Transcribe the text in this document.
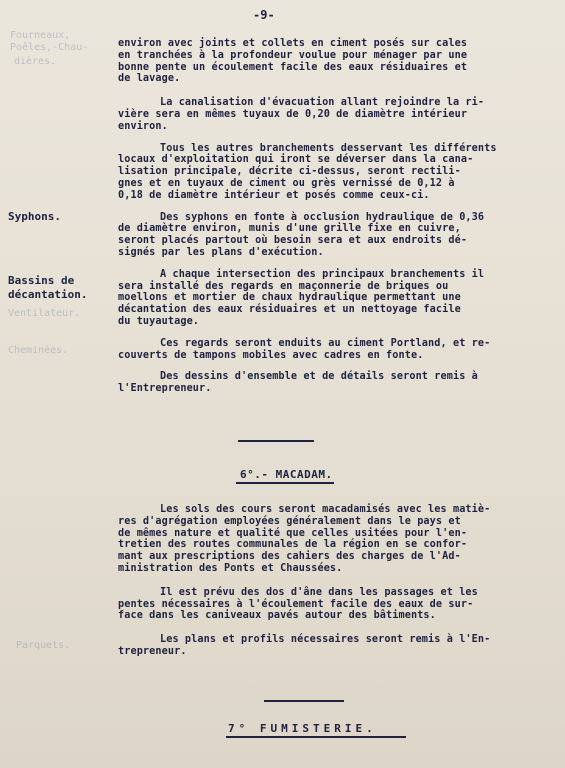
Fourneaux,
Poêles,-Chau-
dières.
Ventilateur.
Cheminées.
Parquets.
-9-
Syphons.
Bassins de
décantation.

environ avec joints et collets en ciment posés sur cales
en tranchées à la profondeur voulue pour ménager par une
bonne pente un écoulement facile des eaux résiduaires et
de lavage.

La canalisation d'évacuation allant rejoindre la ri-
vière sera en mêmes tuyaux de 0,20 de diamètre intérieur
environ.

Tous les autres branchements desservant les différents
locaux d'exploitation qui iront se déverser dans la cana-
lisation principale, décrite ci-dessus, seront rectili-
gnes et en tuyaux de ciment ou grès vernissé de 0,12 à
0,18 de diamètre intérieur et posés comme ceux-ci.

Des syphons en fonte à occlusion hydraulique de 0,36
de diamètre environ, munis d'une grille fixe en cuivre,
seront placés partout où besoin sera et aux endroits dé-
signés par les plans d'exécution.

A chaque intersection des principaux branchements il
sera installé des regards en maçonnerie de briques ou
moellons et mortier de chaux hydraulique permettant une
décantation des eaux résiduaires et un nettoyage facile
du tuyautage.

Ces regards seront enduits au ciment Portland, et re-
couverts de tampons mobiles avec cadres en fonte.

Des dessins d'ensemble et de détails seront remis à
l'Entrepreneur.

6°.- MACADAM.

Les sols des cours seront macadamisés avec les matiè-
res d'agrégation employées généralement dans le pays et
de mêmes nature et qualité que celles usitées pour l'en-
tretien des routes communales de la région en se confor-
mant aux prescriptions des cahiers des charges de l'Ad-
ministration des Ponts et Chaussées.

Il est prévu des dos d'âne dans les passages et les
pentes nécessaires à l'écoulement facile des eaux de sur-
face dans les caniveaux pavés autour des bâtiments.

Les plans et profils nécessaires seront remis à l'En-
trepreneur.

7° FUMISTERIE.
